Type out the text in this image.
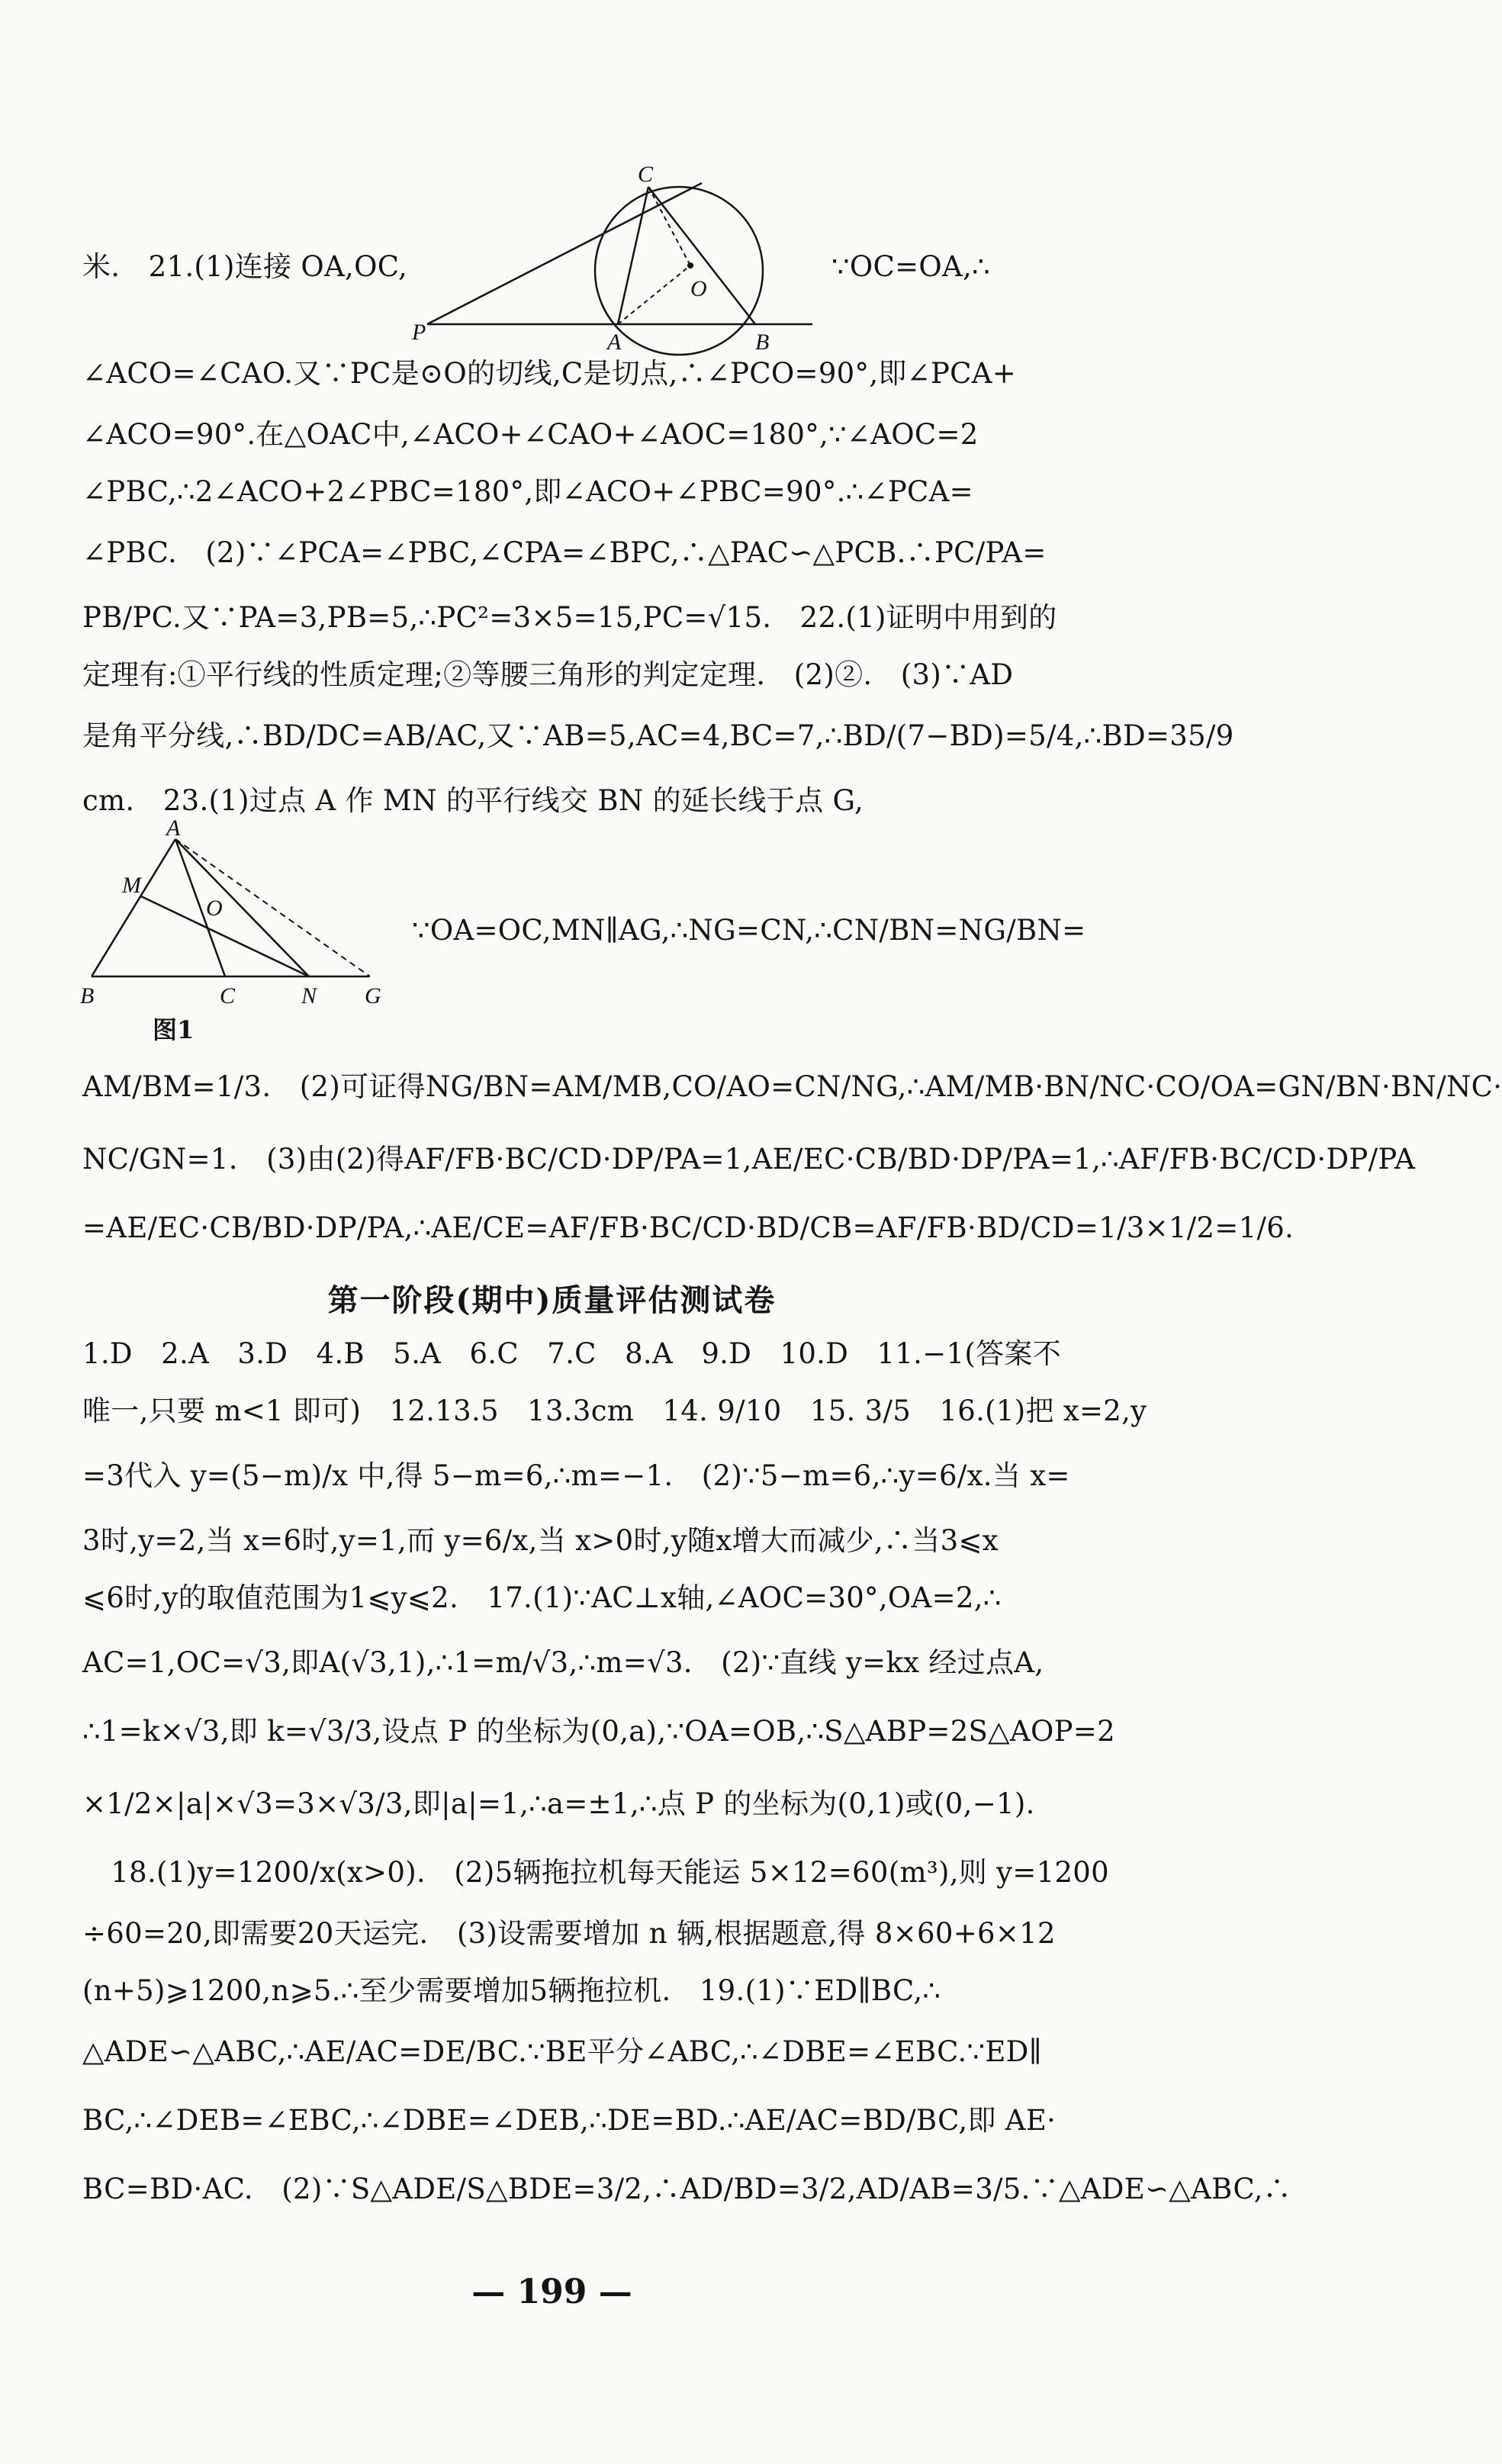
米.　21.(1)连接 OA,OC,
C
O
P	A	B
∵OC=OA,∴
∠ACO=∠CAO.又∵PC是⊙O的切线,C是切点,∴∠PCO=90°,即∠PCA+
∠ACO=90°.在△OAC中,∠ACO+∠CAO+∠AOC=180°,∵∠AOC=2
∠PBC,∴2∠ACO+2∠PBC=180°,即∠ACO+∠PBC=90°.∴∠PCA=
∠PBC.　(2)∵∠PCA=∠PBC,∠CPA=∠BPC,∴△PAC∽△PCB.∴PC/PA=
PB/PC.又∵PA=3,PB=5,∴PC²=3×5=15,PC=√15.　22.(1)证明中用到的
定理有:①平行线的性质定理;②等腰三角形的判定定理.　(2)②.　(3)∵AD
是角平分线,∴BD/DC=AB/AC,又∵AB=5,AC=4,BC=7,∴BD/(7−BD)=5/4,∴BD=35/9
cm.　23.(1)过点 A 作 MN 的平行线交 BN 的延长线于点 G,
A
M
O
B	C	N G
图1
∵OA=OC,MN∥AG,∴NG=CN,∴CN/BN=NG/BN=
AM/BM=1/3.　(2)可证得NG/BN=AM/MB,CO/AO=CN/NG,∴AM/MB·BN/NC·CO/OA=GN/BN·BN/NC·
NC/GN=1.　(3)由(2)得AF/FB·BC/CD·DP/PA=1,AE/EC·CB/BD·DP/PA=1,∴AF/FB·BC/CD·DP/PA
=AE/EC·CB/BD·DP/PA,∴AE/CE=AF/FB·BC/CD·BD/CB=AF/FB·BD/CD=1/3×1/2=1/6.
第一阶段(期中)质量评估测试卷
1.D　2.A　3.D　4.B　5.A　6.C　7.C　8.A　9.D　10.D　11.−1(答案不
唯一,只要 m<1 即可)　12.13.5　13.3cm　14. 9/10　15. 3/5　16.(1)把 x=2,y
=3代入 y=(5−m)/x 中,得 5−m=6,∴m=−1.　(2)∵5−m=6,∴y=6/x.当 x=
3时,y=2,当 x=6时,y=1,而 y=6/x,当 x>0时,y随x增大而减少,∴当3⩽x
⩽6时,y的取值范围为1⩽y⩽2.　17.(1)∵AC⊥x轴,∠AOC=30°,OA=2,∴
AC=1,OC=√3,即A(√3,1),∴1=m/√3,∴m=√3.　(2)∵直线 y=kx 经过点A,
∴1=k×√3,即 k=√3/3,设点 P 的坐标为(0,a),∵OA=OB,∴S△ABP=2S△AOP=2
×1/2×|a|×√3=3×√3/3,即|a|=1,∴a=±1,∴点 P 的坐标为(0,1)或(0,−1).
　18.(1)y=1200/x(x>0).　(2)5辆拖拉机每天能运 5×12=60(m³),则 y=1200
÷60=20,即需要20天运完.　(3)设需要增加 n 辆,根据题意,得 8×60+6×12
(n+5)⩾1200,n⩾5.∴至少需要增加5辆拖拉机.　19.(1)∵ED∥BC,∴
△ADE∽△ABC,∴AE/AC=DE/BC.∵BE平分∠ABC,∴∠DBE=∠EBC.∵ED∥
BC,∴∠DEB=∠EBC,∴∠DBE=∠DEB,∴DE=BD.∴AE/AC=BD/BC,即 AE·
BC=BD·AC.　(2)∵S△ADE/S△BDE=3/2,∴AD/BD=3/2,AD/AB=3/5.∵△ADE∽△ABC,∴
— 199 —
